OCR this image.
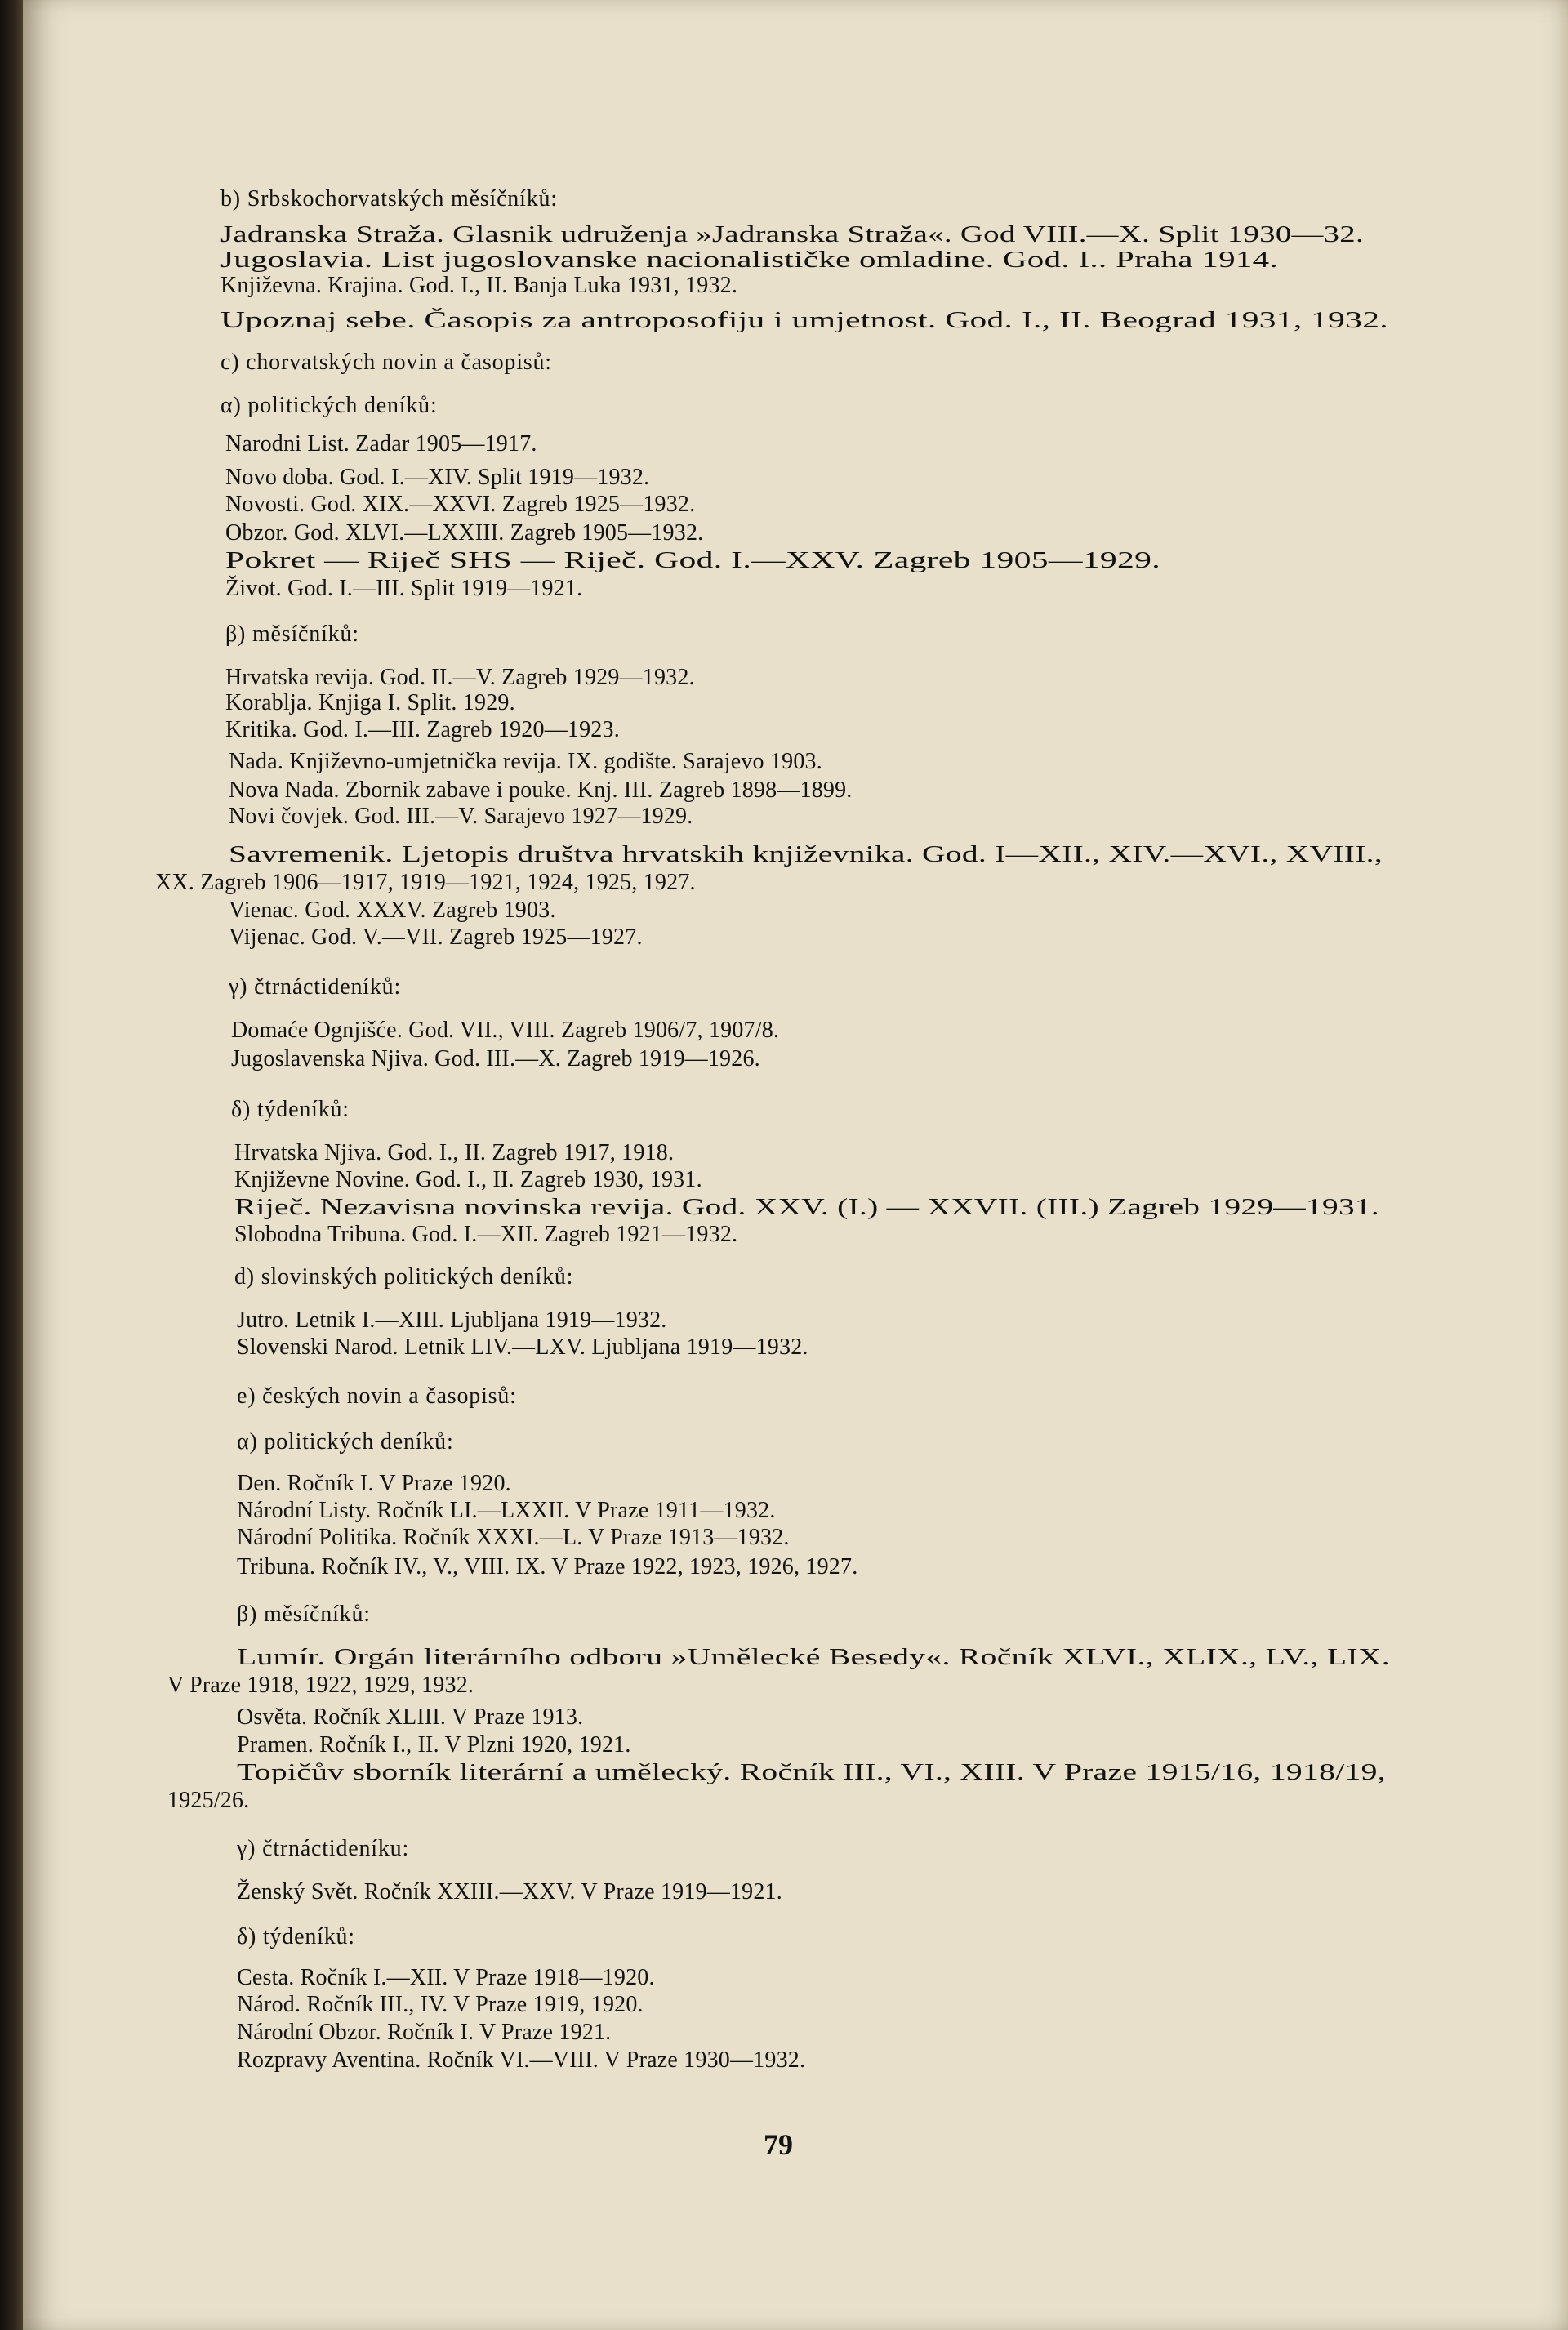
79
b) Srbskochorvatských měsíčníků:
Jadranska Straža. Glasnik udruženja »Jadranska Straža«. God VIII.—X. Split 1930—32.
Jugoslavia. List jugoslovanske nacionalističke omladine. God. I.. Praha 1914.
Književna. Krajina. God. I., II. Banja Luka 1931, 1932.
Upoznaj sebe. Časopis za antroposofiju i umjetnost. God. I., II. Beograd 1931, 1932.
c) chorvatských novin a časopisů:
α) politických deníků:
Narodni List. Zadar 1905—1917.
Novo doba. God. I.—XIV. Split 1919—1932.
Novosti. God. XIX.—XXVI. Zagreb 1925—1932.
Obzor. God. XLVI.—LXXIII. Zagreb 1905—1932.
Pokret — Riječ SHS — Riječ. God. I.—XXV. Zagreb 1905—1929.
Život. God. I.—III. Split 1919—1921.
β) měsíčníků:
Hrvatska revija. God. II.—V. Zagreb 1929—1932.
Korablja. Knjiga I. Split. 1929.
Kritika. God. I.—III. Zagreb 1920—1923.
Nada. Književno-umjetnička revija. IX. godište. Sarajevo 1903.
Nova Nada. Zbornik zabave i pouke. Knj. III. Zagreb 1898—1899.
Novi čovjek. God. III.—V. Sarajevo 1927—1929.
Savremenik. Ljetopis društva hrvatskih književnika. God. I—XII., XIV.—XVI., XVIII.,
XX. Zagreb 1906—1917, 1919—1921, 1924, 1925, 1927.
Vienac. God. XXXV. Zagreb 1903.
Vijenac. God. V.—VII. Zagreb 1925—1927.
γ) čtrnáctideníků:
Domaće Ognjišće. God. VII., VIII. Zagreb 1906/7, 1907/8.
Jugoslavenska Njiva. God. III.—X. Zagreb 1919—1926.
δ) týdeníků:
Hrvatska Njiva. God. I., II. Zagreb 1917, 1918.
Književne Novine. God. I., II. Zagreb 1930, 1931.
Riječ. Nezavisna novinska revija. God. XXV. (I.) — XXVII. (III.) Zagreb 1929—1931.
Slobodna Tribuna. God. I.—XII. Zagreb 1921—1932.
d) slovinských politických deníků:
Jutro. Letnik I.—XIII. Ljubljana 1919—1932.
Slovenski Narod. Letnik LIV.—LXV. Ljubljana 1919—1932.
e) českých novin a časopisů:
α) politických deníků:
Den. Ročník I. V Praze 1920.
Národní Listy. Ročník LI.—LXXII. V Praze 1911—1932.
Národní Politika. Ročník XXXI.—L. V Praze 1913—1932.
Tribuna. Ročník IV., V., VIII. IX. V Praze 1922, 1923, 1926, 1927.
β) měsíčníků:
Lumír. Orgán literárního odboru »Umělecké Besedy«. Ročník XLVI., XLIX., LV., LIX.
V Praze 1918, 1922, 1929, 1932.
Osvěta. Ročník XLIII. V Praze 1913.
Pramen. Ročník I., II. V Plzni 1920, 1921.
Topičův sborník literární a umělecký. Ročník III., VI., XIII. V Praze 1915/16, 1918/19,
1925/26.
γ) čtrnáctideníku:
Ženský Svět. Ročník XXIII.—XXV. V Praze 1919—1921.
δ) týdeníků:
Cesta. Ročník I.—XII. V Praze 1918—1920.
Národ. Ročník III., IV. V Praze 1919, 1920.
Národní Obzor. Ročník I. V Praze 1921.
Rozpravy Aventina. Ročník VI.—VIII. V Praze 1930—1932.
